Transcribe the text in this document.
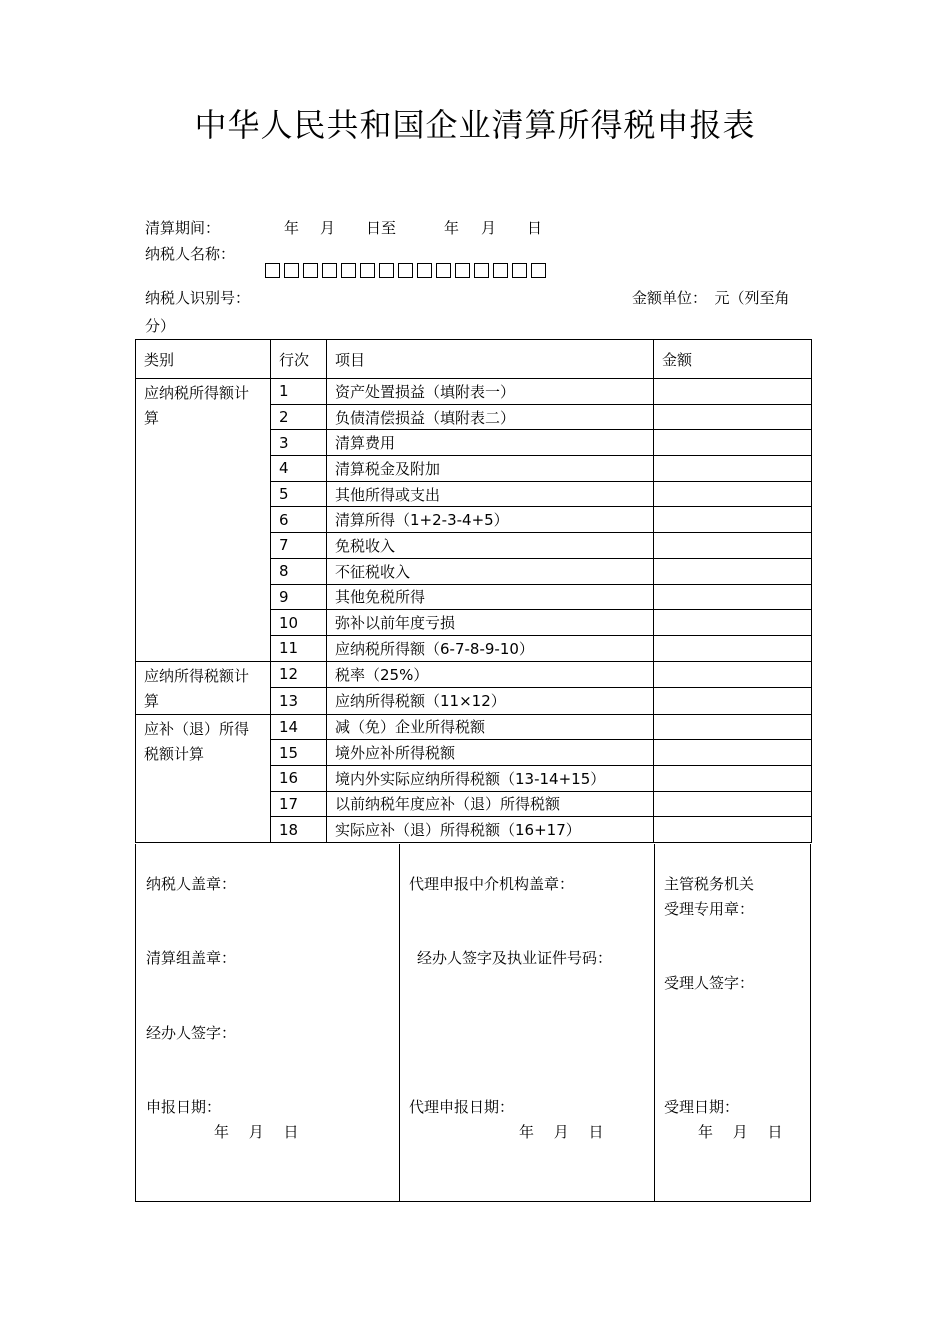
中华人民共和国企业清算所得税申报表
清算期间：	年 月 日至	年 月 日
纳税人名称：
纳税人识别号：	金额单位：　元（列至角
分）
类别	行次	项目	金额
应纳税所得额计算	1	资产处置损益（填附表一）	
	2	负债清偿损益（填附表二）	
	3	清算费用	
	4	清算税金及附加	
	5	其他所得或支出	
	6	清算所得（1+2-3-4+5）	
	7	免税收入	
	8	不征税收入	
	9	其他免税所得	
	10	弥补以前年度亏损	
	11	应纳税所得额（6-7-8-9-10）	
应纳所得税额计算	12	税率（25%）	
	13	应纳所得税额（11×12）	
应补（退）所得税额计算	14	减（免）企业所得税额	
	15	境外应补所得税额	
	16	境内外实际应纳所得税额（13-14+15）	
	17	以前纳税年度应补（退）所得税额	
	18	实际应补（退）所得税额（16+17）	
纳税人盖章：
清算组盖章：
经办人签字：
申报日期：
年　 月　 日
代理申报中介机构盖章：
经办人签字及执业证件号码：
代理申报日期：
年　 月　 日
主管税务机关
受理专用章：
受理人签字：
受理日期：
年　 月　 日
